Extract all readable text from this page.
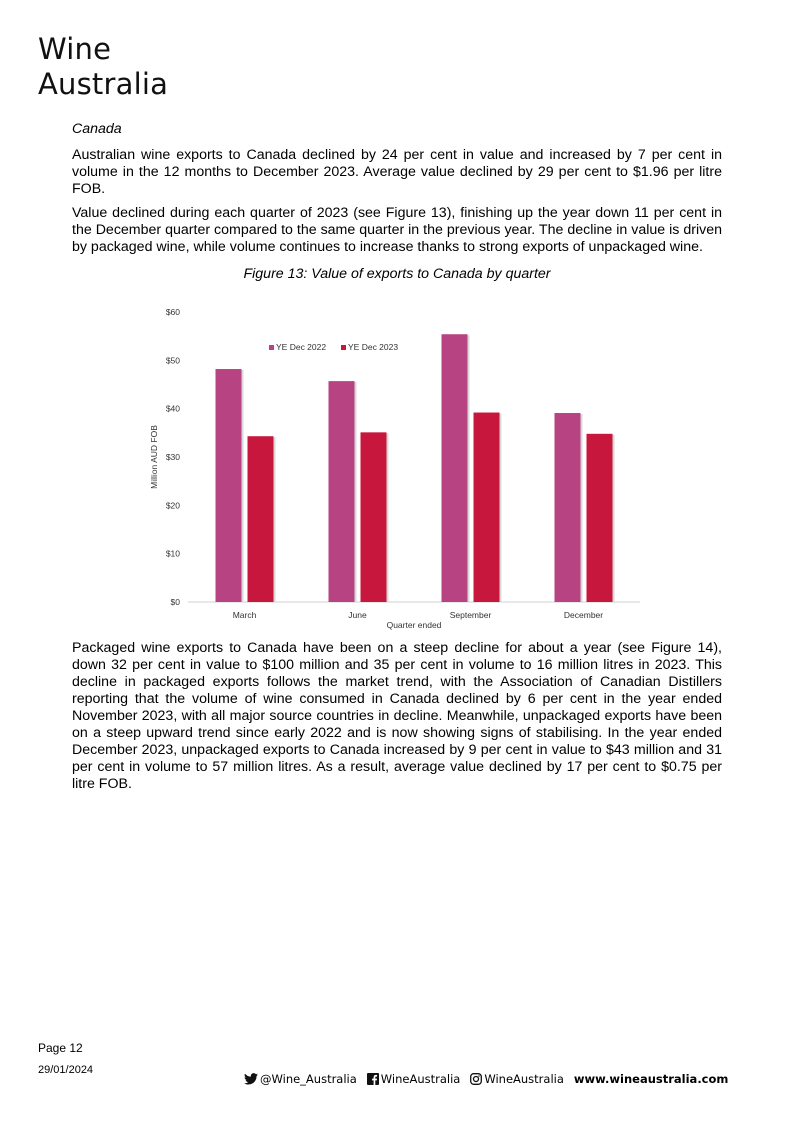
Wine
Australia

Canada

Australian wine exports to Canada declined by 24 per cent in value and increased by 7 per cent in volume in the 12 months to December 2023. Average value declined by 29 per cent to $1.96 per litre FOB.

Value declined during each quarter of 2023 (see Figure 13), finishing up the year down 11 per cent in the December quarter compared to the same quarter in the previous year. The decline in value is driven by packaged wine, while volume continues to increase thanks to strong exports of unpackaged wine.

Figure 13: Value of exports to Canada by quarter

$0
$10
$20
$30
$40
$50
$60
March	June	September	December
Quarter ended
Million AUD FOB
YE Dec 2022	YE Dec 2023

Packaged wine exports to Canada have been on a steep decline for about a year (see Figure 14), down 32 per cent in value to $100 million and 35 per cent in volume to 16 million litres in 2023. This decline in packaged exports follows the market trend, with the Association of Canadian Distillers reporting that the volume of wine consumed in Canada declined by 6 per cent in the year ended November 2023, with all major source countries in decline. Meanwhile, unpackaged exports have been on a steep upward trend since early 2022 and is now showing signs of stabilising. In the year ended December 2023, unpackaged exports to Canada increased by 9 per cent in value to $43 million and 31 per cent in volume to 57 million litres. As a result, average value declined by 17 per cent to $0.75 per litre FOB.

Page 12
29/01/2024
@Wine_Australia WineAustralia WineAustralia www.wineaustralia.com
